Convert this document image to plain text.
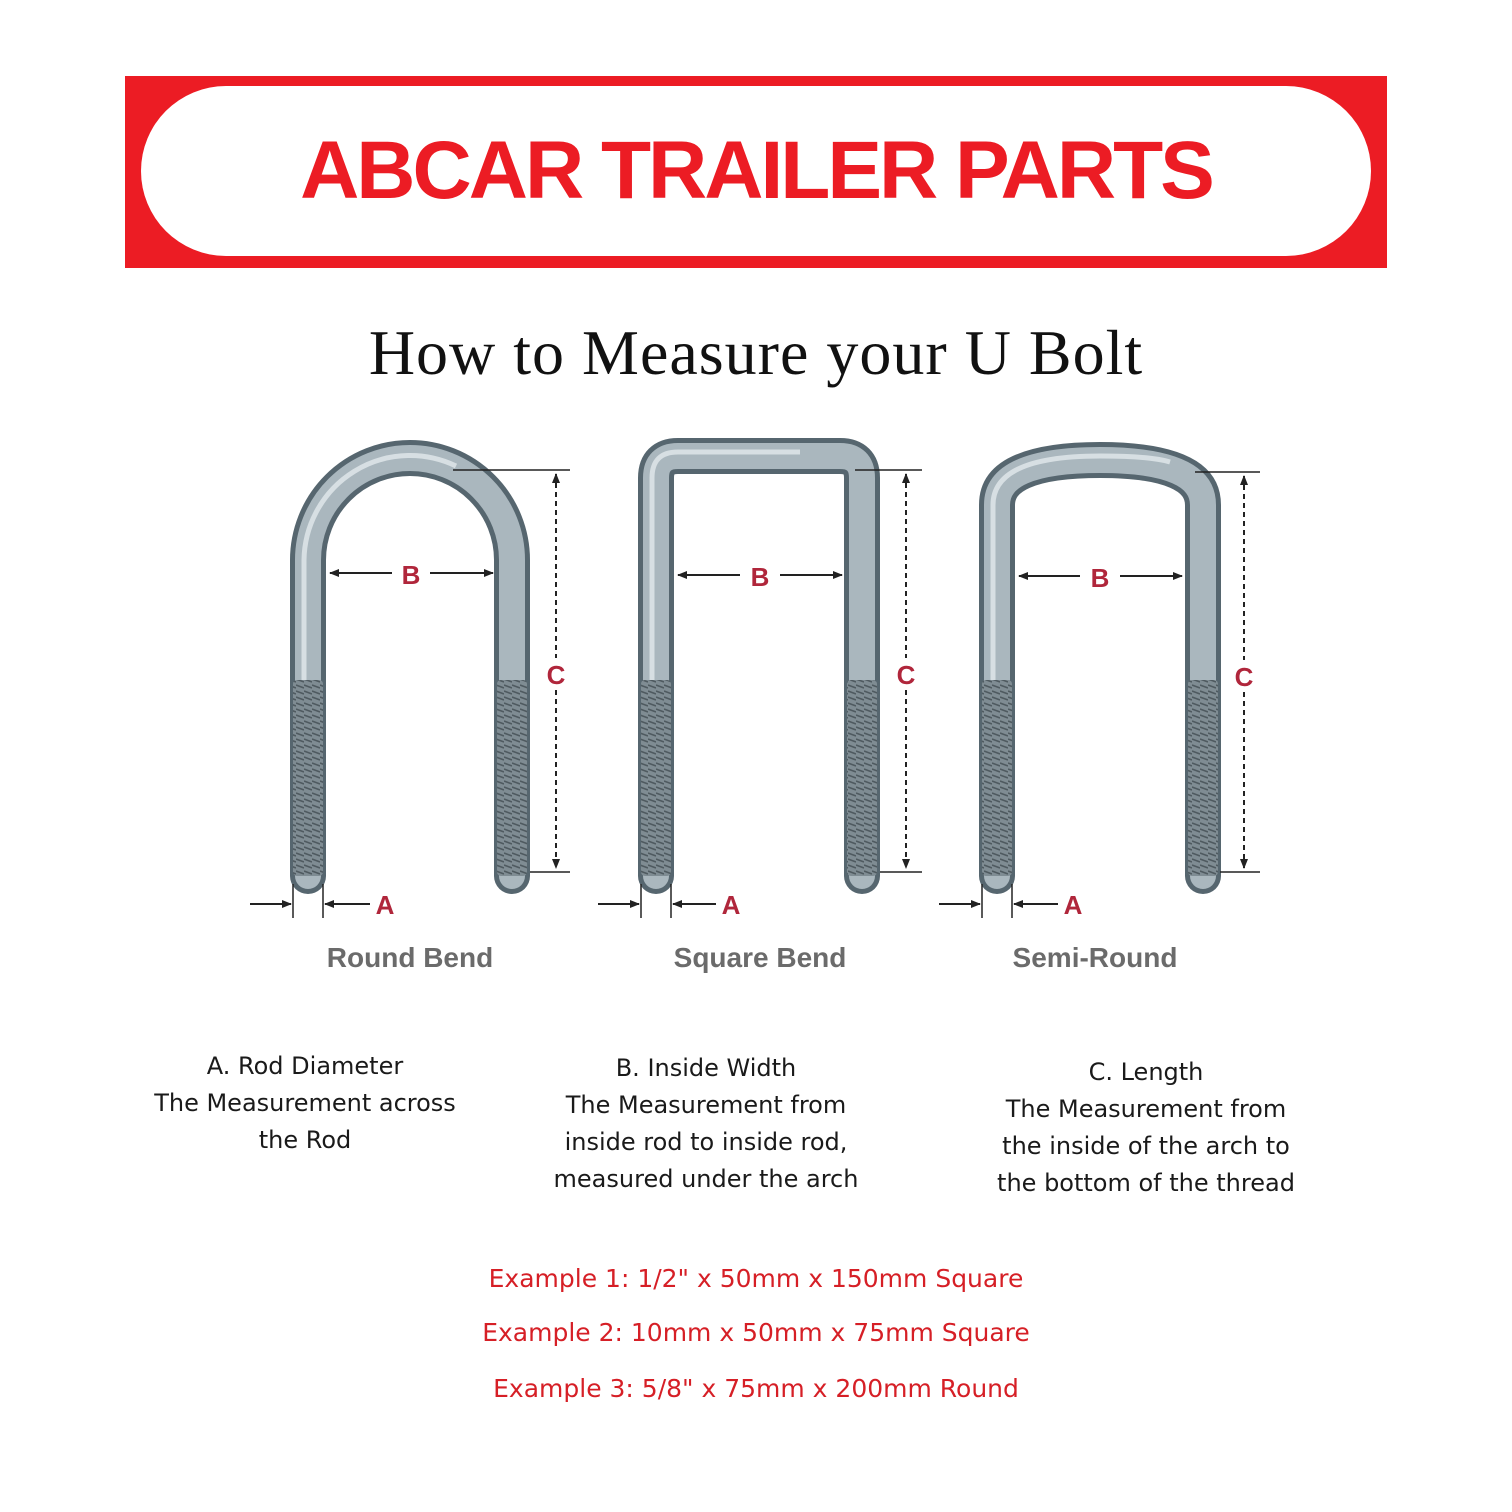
ABCAR TRAILER PARTS
How to Measure your U Bolt
B
C
A
Round Bend
B
C
A
Square Bend
B
C
A
Semi-Round
A. Rod Diameter
The Measurement across
the Rod
B. Inside Width
The Measurement from
inside rod to inside rod,
measured under the arch
C. Length
The Measurement from
the inside of the arch to
the bottom of the thread
Example 1: 1/2" x 50mm x 150mm Square
Example 2: 10mm x 50mm x 75mm Square
Example 3: 5/8" x 75mm x 200mm Round
